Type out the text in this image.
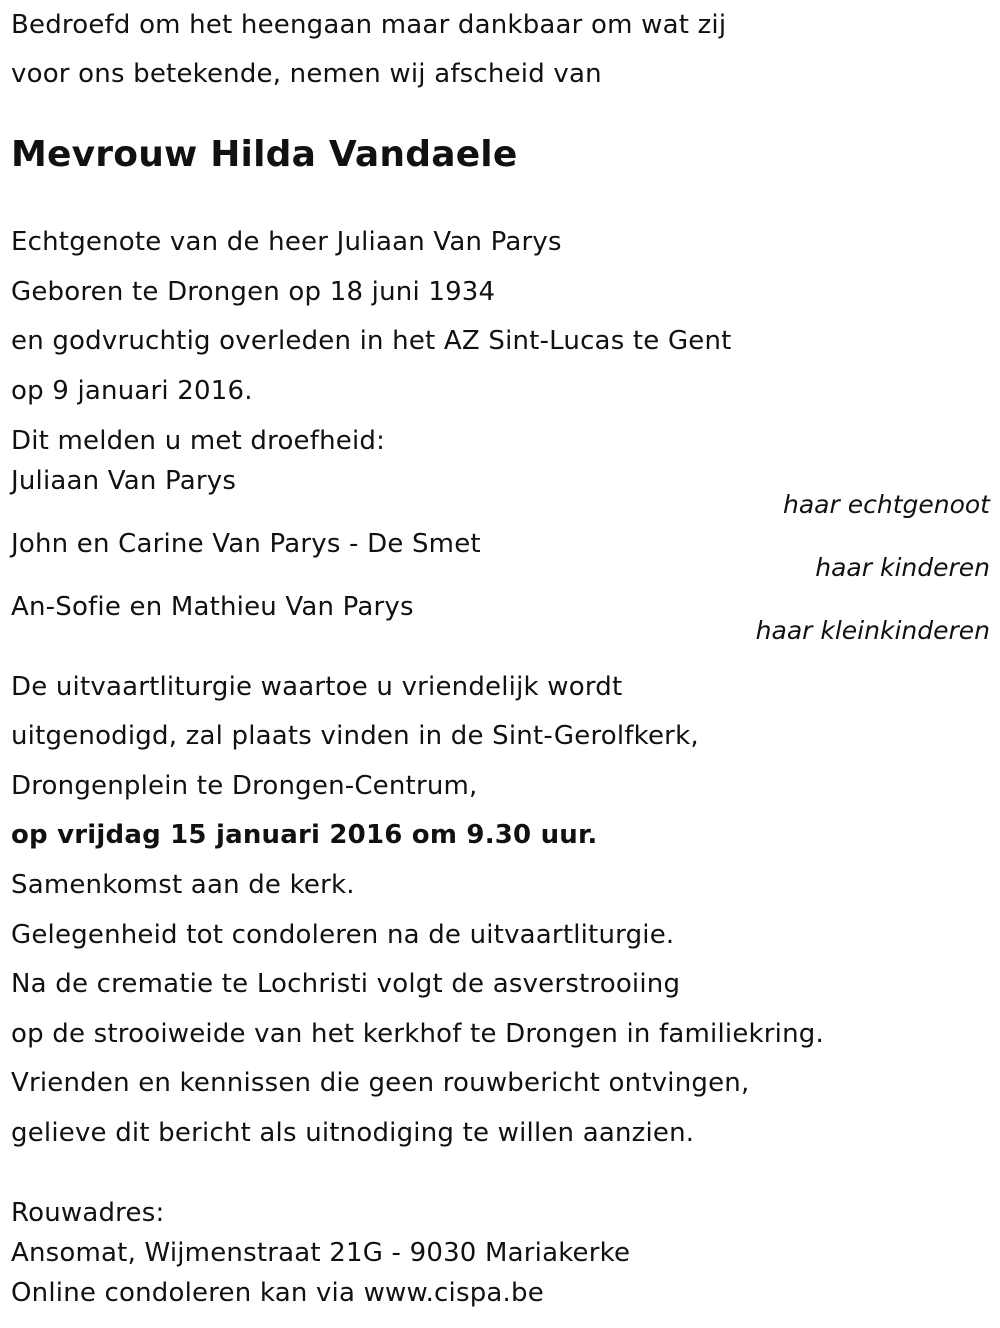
Bedroefd om het heengaan maar dankbaar om wat zij
voor ons betekende, nemen wij afscheid van
Mevrouw Hilda Vandaele
Echtgenote van de heer Juliaan Van Parys
Geboren te Drongen op 18 juni 1934
en godvruchtig overleden in het AZ Sint-Lucas te Gent
op 9 januari 2016.
Dit melden u met droefheid:
Juliaan Van Parys
haar echtgenoot
John en Carine Van Parys - De Smet
haar kinderen
An-Sofie en Mathieu Van Parys
haar kleinkinderen
De uitvaartliturgie waartoe u vriendelijk wordt
uitgenodigd, zal plaats vinden in de Sint-Gerolfkerk,
Drongenplein te Drongen-Centrum,
op vrijdag 15 januari 2016 om 9.30 uur.
Samenkomst aan de kerk.
Gelegenheid tot condoleren na de uitvaartliturgie.
Na de crematie te Lochristi volgt de asverstrooiing
op de strooiweide van het kerkhof te Drongen in familiekring.
Vrienden en kennissen die geen rouwbericht ontvingen,
gelieve dit bericht als uitnodiging te willen aanzien.
Rouwadres:
Ansomat, Wijmenstraat 21G - 9030 Mariakerke
Online condoleren kan via www.cispa.be
